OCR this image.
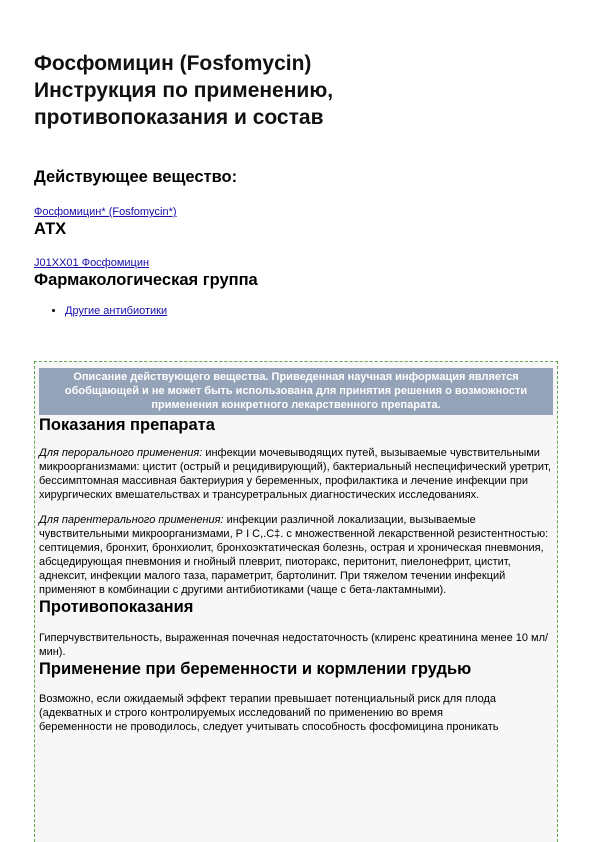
Фосфомицин (Fosfomycin)
Инструкция по применению,
противопоказания и состав
Действующее вещество:
Фосфомицин* (Fosfomycin*)
АТХ
J01XX01 Фосфомицин
Фармакологическая группа
• Другие антибиотики
Описание действующего вещества. Приведенная научная информация является обобщающей и не может быть использована для принятия решения о возможности применения конкретного лекарственного препарата.
Показания препарата

Для перорального применения: инфекции мочевыводящих путей, вызываемые чувствительными микроорганизмами: цистит (острый и рецидивирующий), бактериальный неспецифический уретрит, бессимптомная массивная бактериурия у беременных, профилактика и лечение инфекции при хирургических вмешательствах и трансуретральных диагностических исследованиях.

Для парентерального применения: инфекции различной локализации, вызываемые чувствительными микроорганизмами, Р І С,.С‡. с множественной лекарственной резистентностью: септицемия, бронхит, бронхиолит, бронхоэктатическая болезнь, острая и хроническая пневмония, абсцедирующая пневмония и гнойный плеврит, пиоторакс, перитонит, пиелонефрит, цистит, аднексит, инфекции малого таза, параметрит, бартолинит. При тяжелом течении инфекций применяют в комбинации с другими антибиотиками (чаще с бета-лактамными).

Противопоказания

Гиперчувствительность, выраженная почечная недостаточность (клиренс креатинина менее 10 мл/мин).

Применение при беременности и кормлении грудью

Возможно, если ожидаемый эффект терапии превышает потенциальный риск для плода
(адекватных и строго контролируемых исследований по применению во время
беременности не проводилось, следует учитывать способность фосфомицина проникать
